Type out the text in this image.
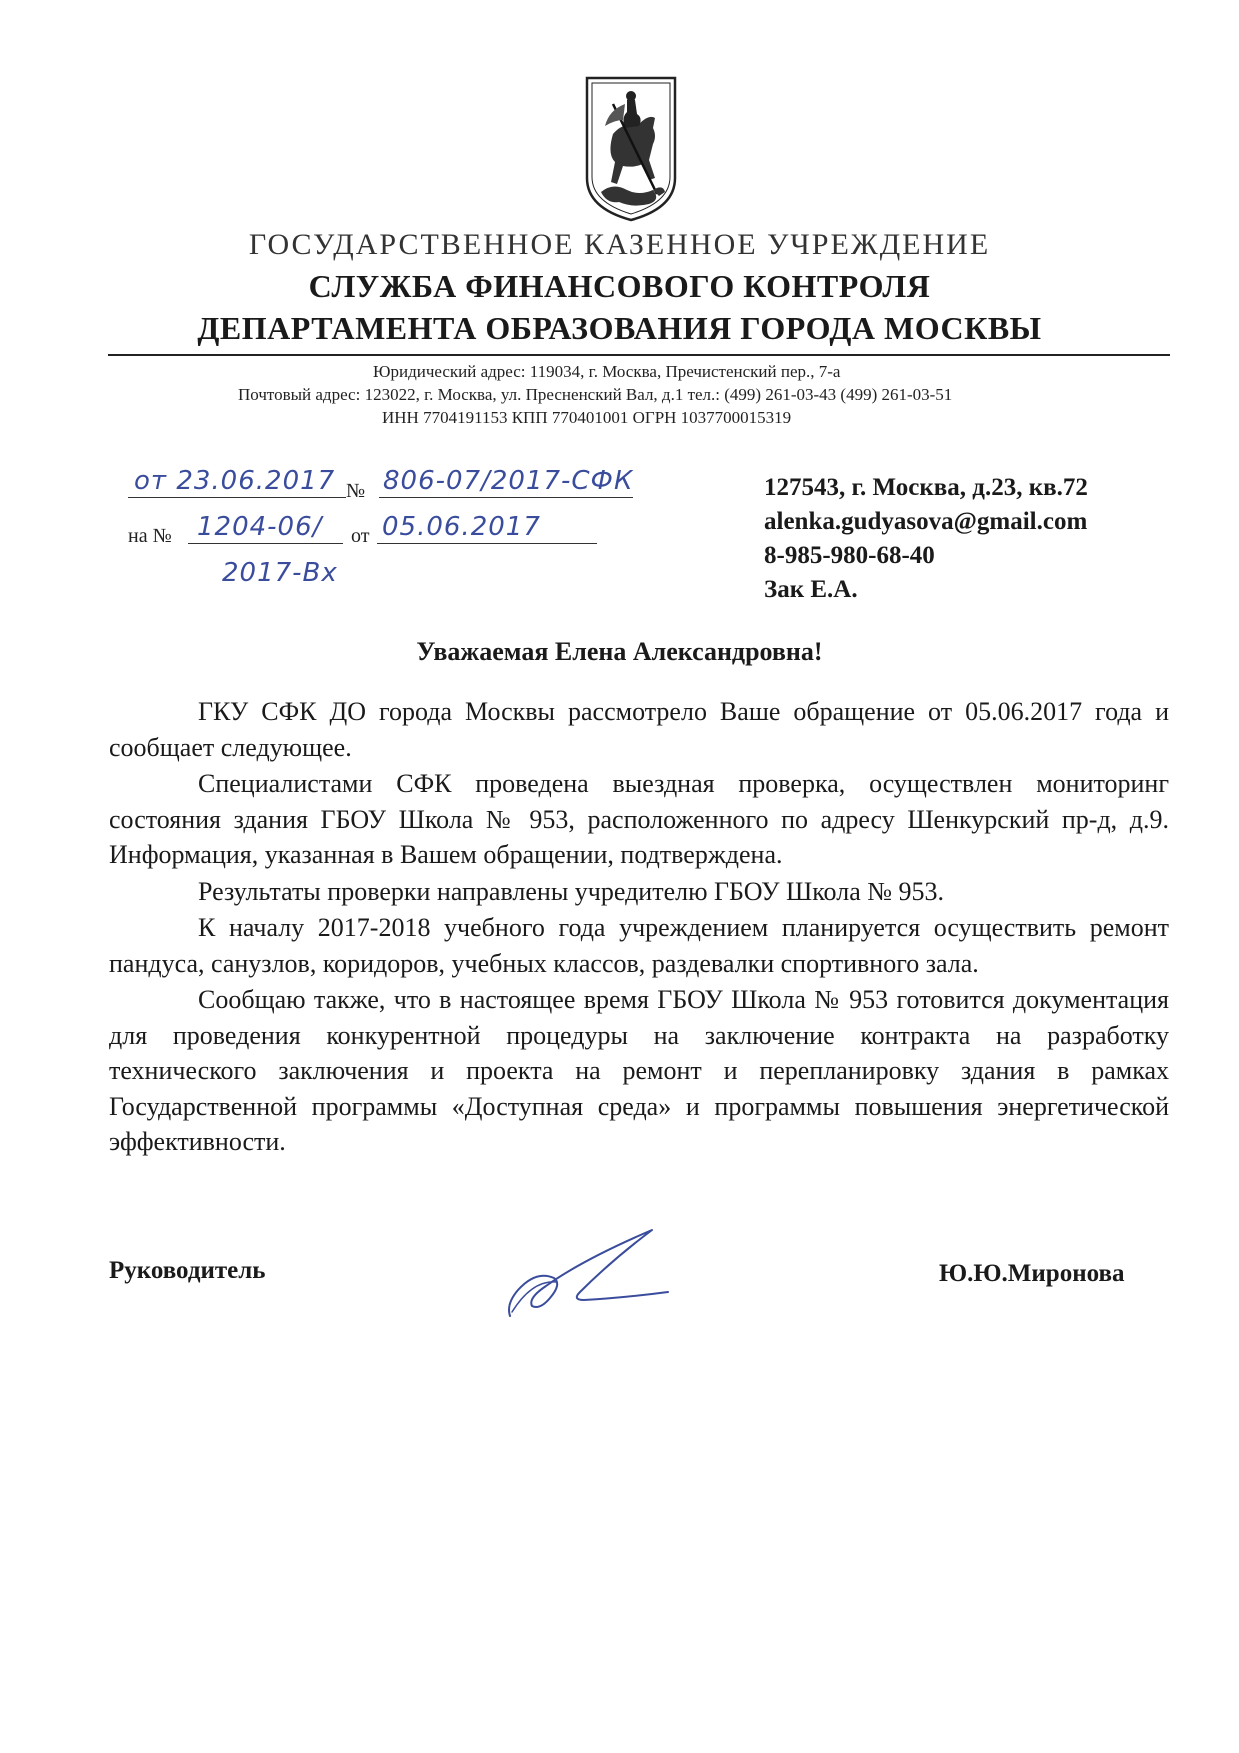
ГОСУДАРСТВЕННОЕ КАЗЕННОЕ УЧРЕЖДЕНИЕ
СЛУЖБА ФИНАНСОВОГО КОНТРОЛЯ
ДЕПАРТАМЕНТА ОБРАЗОВАНИЯ ГОРОДА МОСКВЫ
Юридический адрес: 119034, г. Москва, Пречистенский пер., 7-а
Почтовый адрес: 123022, г. Москва, ул. Пресненский Вал, д.1 тел.: (499) 261-03-43 (499) 261-03-51
ИНН 7704191153 КПП 770401001 ОГРН 1037700015319
от 23.06.2017 № 806-07/2017-СФК
на № 1204-06/ от 05.06.2017
2017-Вх
127543, г. Москва, д.23, кв.72
alenka.gudyasova@gmail.com
8-985-980-68-40
Зак Е.А.
Уважаемая Елена Александровна!

ГКУ СФК ДО города Москвы рассмотрело Ваше обращение от 05.06.2017 года и сообщает следующее.

Специалистами СФК проведена выездная проверка, осуществлен мониторинг состояния здания ГБОУ Школа № 953, расположенного по адресу Шенкурский пр-д, д.9. Информация, указанная в Вашем обращении, подтверждена.

Результаты проверки направлены учредителю ГБОУ Школа № 953.

К началу 2017-2018 учебного года учреждением планируется осуществить ремонт пандуса, санузлов, коридоров, учебных классов, раздевалки спортивного зала.

Сообщаю также, что в настоящее время ГБОУ Школа № 953 готовится документация для проведения конкурентной процедуры на заключение контракта на разработку технического заключения и проекта на ремонт и перепланировку здания в рамках Государственной программы «Доступная среда» и программы повышения энергетической эффективности.

Руководитель	Ю.Ю.Миронова
